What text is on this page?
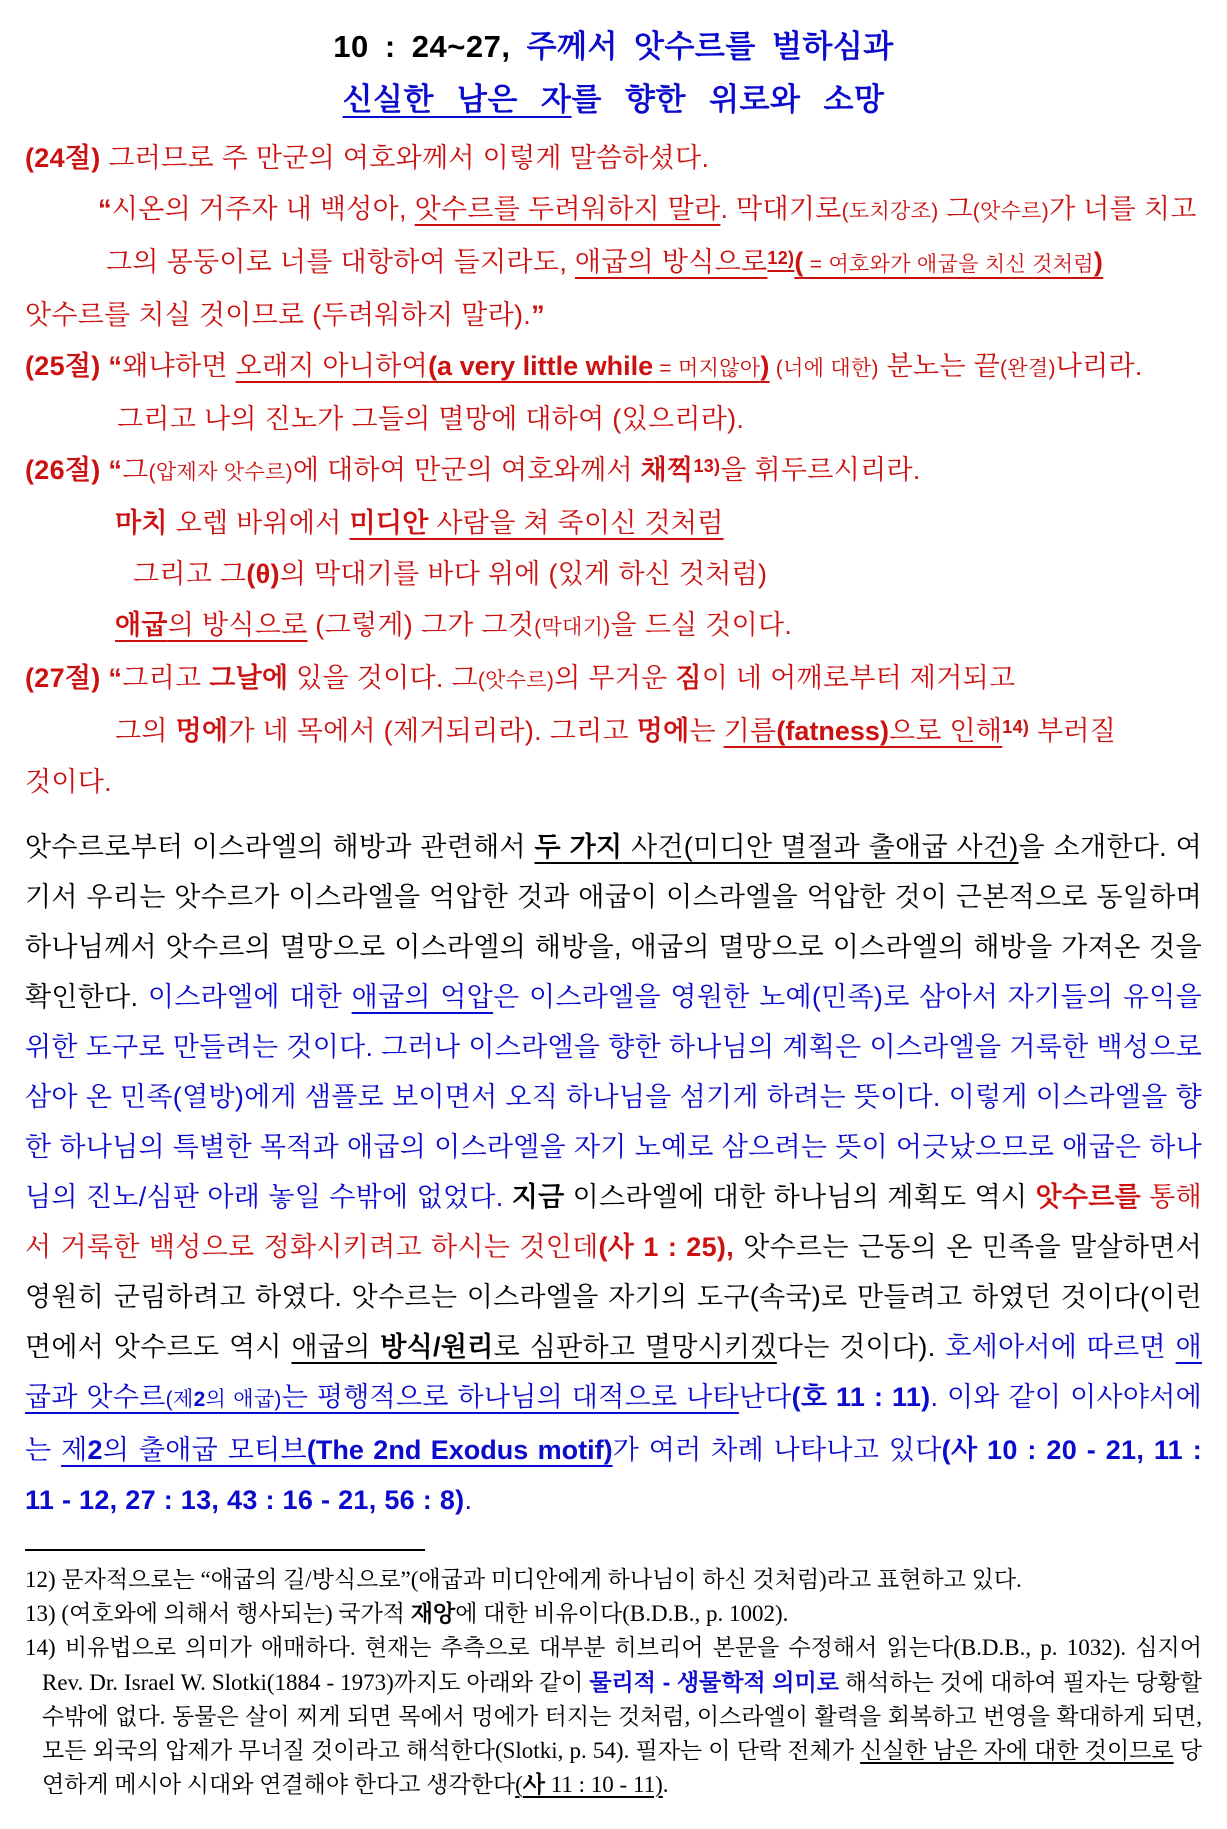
10 : 24~27, 주께서 앗수르를 벌하심과
신실한 남은 자를 향한 위로와 소망
(24절) 그러므로 주 만군의 여호와께서 이렇게 말씀하셨다.
“시온의 거주자 내 백성아, 앗수르를 두려워하지 말라. 막대기로(도치강조) 그(앗수르)가 너를 치고
그의 몽둥이로 너를 대항하여 들지라도, 애굽의 방식으로$^{12)}$( = 여호와가 애굽을 치신 것처럼)
앗수르를 치실 것이므로 (두려워하지 말라).”
(25절) “왜냐하면 오래지 아니하여(a very little while = 머지않아) (너에 대한) 분노는 끝(완결)나리라.
그리고 나의 진노가 그들의 멸망에 대하여 (있으리라).
(26절) “그(압제자 앗수르)에 대하여 만군의 여호와께서 채찍$^{13)}$을 휘두르시리라.
마치 오렙 바위에서 미디안 사람을 쳐 죽이신 것처럼
그리고 그(θ)의 막대기를 바다 위에 (있게 하신 것처럼)
애굽의 방식으로 (그렇게) 그가 그것(막대기)을 드실 것이다.
(27절) “그리고 그날에 있을 것이다. 그(앗수르)의 무거운 짐이 네 어깨로부터 제거되고
그의 멍에가 네 목에서 (제거되리라). 그리고 멍에는 기름(fatness)으로 인해$^{14)}$ 부러질
것이다.

앗수르로부터 이스라엘의 해방과 관련해서 두 가지 사건(미디안 멸절과 출애굽 사건)을 소개한다. 여기서 우리는 앗수르가 이스라엘을 억압한 것과 애굽이 이스라엘을 억압한 것이 근본적으로 동일하며 하나님께서 앗수르의 멸망으로 이스라엘의 해방을, 애굽의 멸망으로 이스라엘의 해방을 가져온 것을 확인한다. 이스라엘에 대한 애굽의 억압은 이스라엘을 영원한 노예(민족)로 삼아서 자기들의 유익을 위한 도구로 만들려는 것이다. 그러나 이스라엘을 향한 하나님의 계획은 이스라엘을 거룩한 백성으로 삼아 온 민족(열방)에게 샘플로 보이면서 오직 하나님을 섬기게 하려는 뜻이다. 이렇게 이스라엘을 향한 하나님의 특별한 목적과 애굽의 이스라엘을 자기 노예로 삼으려는 뜻이 어긋났으므로 애굽은 하나님의 진노/심판 아래 놓일 수밖에 없었다. 지금 이스라엘에 대한 하나님의 계획도 역시 앗수르를 통해서 거룩한 백성으로 정화시키려고 하시는 것인데(사 1 : 25), 앗수르는 근동의 온 민족을 말살하면서 영원히 군림하려고 하였다. 앗수르는 이스라엘을 자기의 도구(속국)로 만들려고 하였던 것이다(이런 면에서 앗수르도 역시 애굽의 방식/원리로 심판하고 멸망시키겠다는 것이다). 호세아서에 따르면 애굽과 앗수르(제2의 애굽)는 평행적으로 하나님의 대적으로 나타난다(호 11 : 11). 이와 같이 이사야서에는 제2의 출애굽 모티브(The 2nd Exodus motif)가 여러 차례 나타나고 있다(사 10 : 20 - 21, 11 : 11 - 12, 27 : 13, 43 : 16 - 21, 56 : 8).

12) 문자적으로는 “애굽의 길/방식으로”(애굽과 미디안에게 하나님이 하신 것처럼)라고 표현하고 있다.
13) (여호와에 의해서 행사되는) 국가적 재앙에 대한 비유이다(B.D.B., p. 1002).
14) 비유법으로 의미가 애매하다. 현재는 추측으로 대부분 히브리어 본문을 수정해서 읽는다(B.D.B., p. 1032). 심지어 Rev. Dr. Israel W. Slotki(1884 - 1973)까지도 아래와 같이 물리적 - 생물학적 의미로 해석하는 것에 대하여 필자는 당황할 수밖에 없다. 동물은 살이 찌게 되면 목에서 멍에가 터지는 것처럼, 이스라엘이 활력을 회복하고 번영을 확대하게 되면, 모든 외국의 압제가 무너질 것이라고 해석한다(Slotki, p. 54). 필자는 이 단락 전체가 신실한 남은 자에 대한 것이므로 당연하게 메시아 시대와 연결해야 한다고 생각한다(사 11 : 10 - 11).
